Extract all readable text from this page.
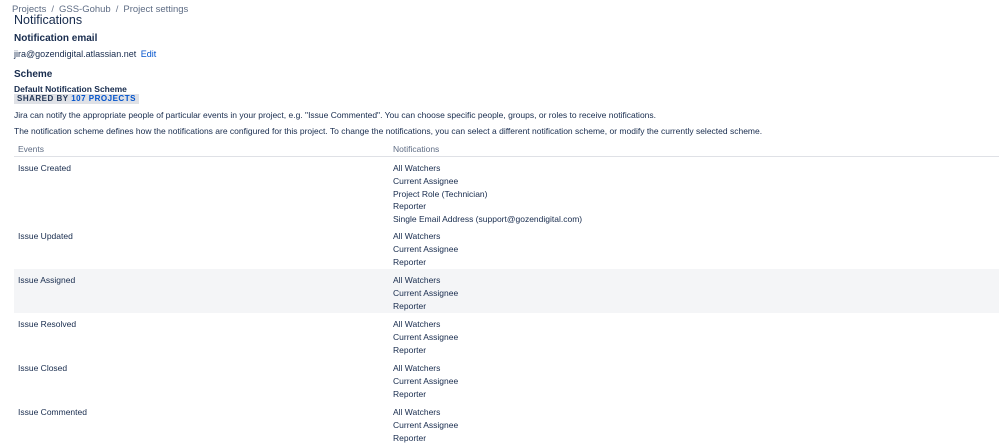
Projects / GSS-Gohub / Project settings
Notifications
Notification email
jira@gozendigital.atlassian.net Edit
Scheme
Default Notification Scheme
SHARED BY 107 PROJECTS

Jira can notify the appropriate people of particular events in your project, e.g. "Issue Commented". You can choose specific people, groups, or roles to receive notifications.

The notification scheme defines how the notifications are configured for this project. To change the notifications, you can select a different notification scheme, or modify the currently selected scheme.

Events	Notifications
Issue Created	All Watchers
Current Assignee
Project Role (Technician)
Reporter
Single Email Address (support@gozendigital.com)
Issue Updated	All Watchers
Current Assignee
Reporter
Issue Assigned	All Watchers
Current Assignee
Reporter
Issue Resolved	All Watchers
Current Assignee
Reporter
Issue Closed	All Watchers
Current Assignee
Reporter
Issue Commented	All Watchers
Current Assignee
Reporter
